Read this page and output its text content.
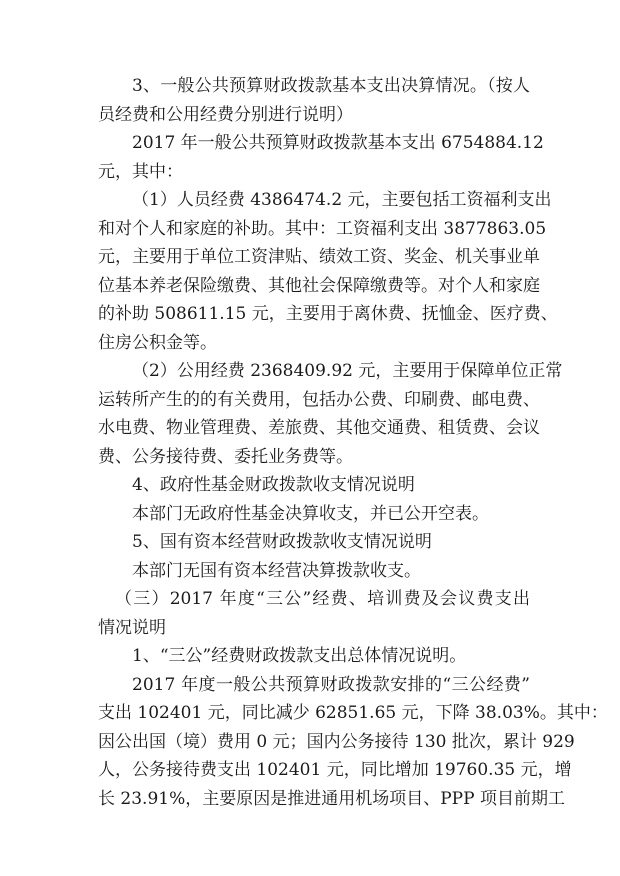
3、一般公共预算财政拨款基本支出决算情况。（按人
员经费和公用经费分别进行说明）
2017 年一般公共预算财政拨款基本支出 6754884.12
元，其中：
（1）人员经费 4386474.2 元，主要包括工资福利支出
和对个人和家庭的补助。其中：工资福利支出 3877863.05
元，主要用于单位工资津贴、绩效工资、奖金、机关事业单
位基本养老保险缴费、其他社会保障缴费等。对个人和家庭
的补助 508611.15 元，主要用于离休费、抚恤金、医疗费、
住房公积金等。
（2）公用经费 2368409.92 元，主要用于保障单位正常
运转所产生的的有关费用，包括办公费、印刷费、邮电费、
水电费、物业管理费、差旅费、其他交通费、租赁费、会议
费、公务接待费、委托业务费等。
4、政府性基金财政拨款收支情况说明
本部门无政府性基金决算收支，并已公开空表。
5、国有资本经营财政拨款收支情况说明
本部门无国有资本经营决算拨款收支。
（三）2017 年度“三公”经费、培训费及会议费支出
情况说明
1、“三公”经费财政拨款支出总体情况说明。
2017 年度一般公共预算财政拨款安排的“三公经费”
支出 102401 元，同比减少 62851.65 元，下降 38.03%。其中：
因公出国（境）费用 0 元；国内公务接待 130 批次，累计 929
人，公务接待费支出 102401 元，同比增加 19760.35 元，增
长 23.91%，主要原因是推进通用机场项目、PPP 项目前期工
